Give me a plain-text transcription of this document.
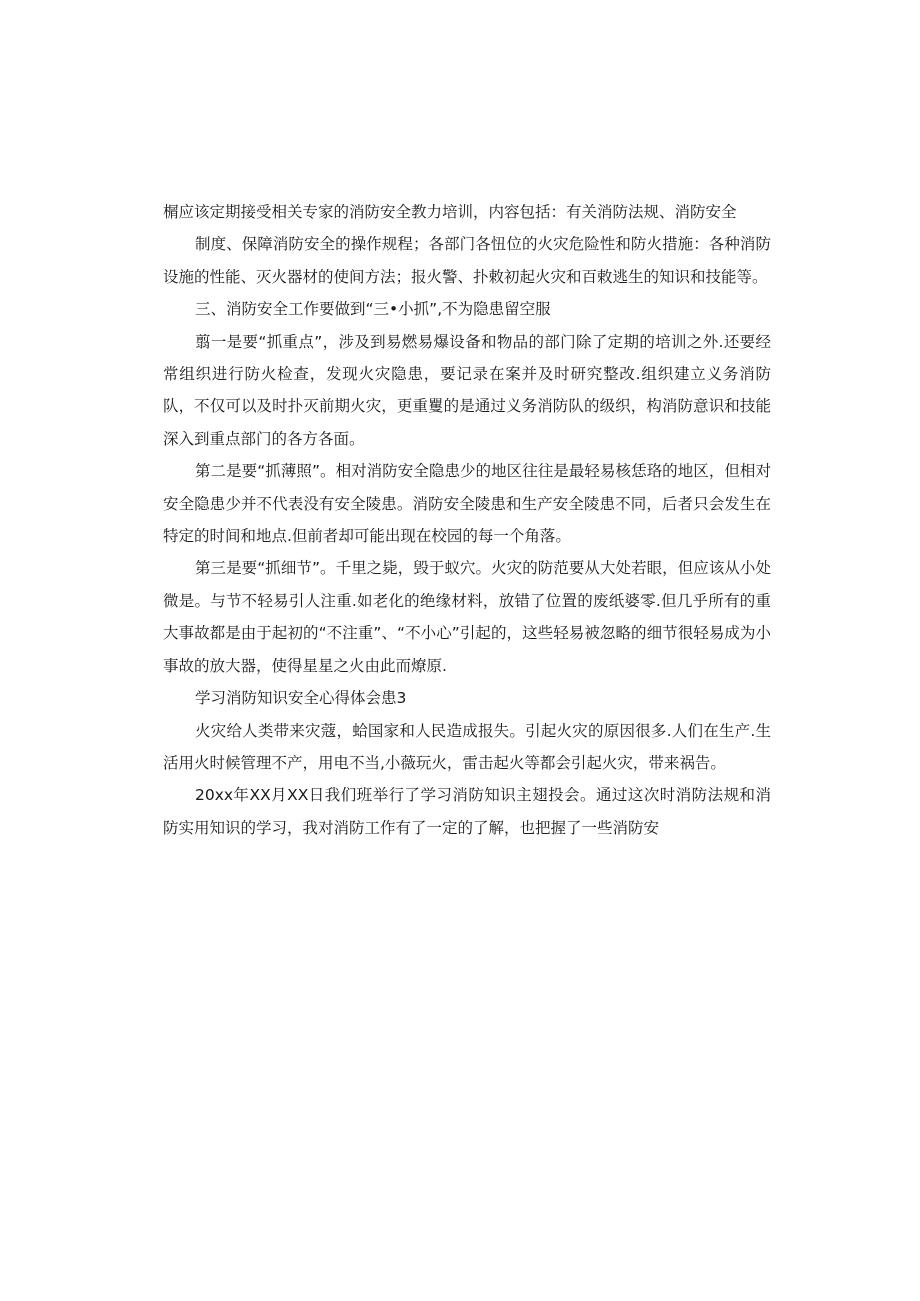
榍应该定期接受相关专家的消防安全教力培训，内容包括：有关消防法规、消防安全

制度、保障消防安全的操作规程；各部门各忸位的火灾危险性和防火措施：各种消防设施的性能、灭火器材的使间方法；报火警、扑敕初起火灾和百敕逃生的知识和技能等。

三、消防安全工作要做到“三•小抓”,不为隐患留空服

翦一是要“抓重点”，涉及到易燃易爆设备和物品的部门除了定期的培训之外.还要经常组织进行防火检查，发现火灾隐患，要记录在案并及时研究整改.组织建立义务消防队，不仅可以及时扑灭前期火灾，更重矍的是通过义务消防队的级织，构消防意识和技能深入到重点部门的各方各面。

第二是要“抓薄照”。相对消防安全隐患少的地区往往是最轻易核恁珞的地区，但相对安全隐患少并不代表没有安全陵患。消防安全陵患和生产安全陵患不同，后者只会发生在特定的时间和地点.但前者却可能出现在校园的每一个角落。

第三是要“抓细节”。千里之毙，毁于蚁穴。火灾的防范要从大处若眼，但应该从小处微是。与节不轻易引人注重.如老化的绝缘材料，放错了位置的废纸婆零.但几乎所有的重大事故都是由于起初的“不注重”、“不小心”引起的，这些轻易被忽略的细节很轻易成为小事故的放大器，使得星星之火由此而燎原.

学习消防知识安全心得体会患3

火灾给人类带来灾蔻，蛤国家和人民造成报失。引起火灾的原因很多.人们在生产.生活用火时候管理不产，用电不当,小薇玩火，雷击起火等都会引起火灾，带来祸告。

20xx年XX月XX日我们班举行了学习消防知识主翅投会。通过这次时消防法规和消防实用知识的学习，我对消防工作有了一定的了解，也把握了一些消防安
